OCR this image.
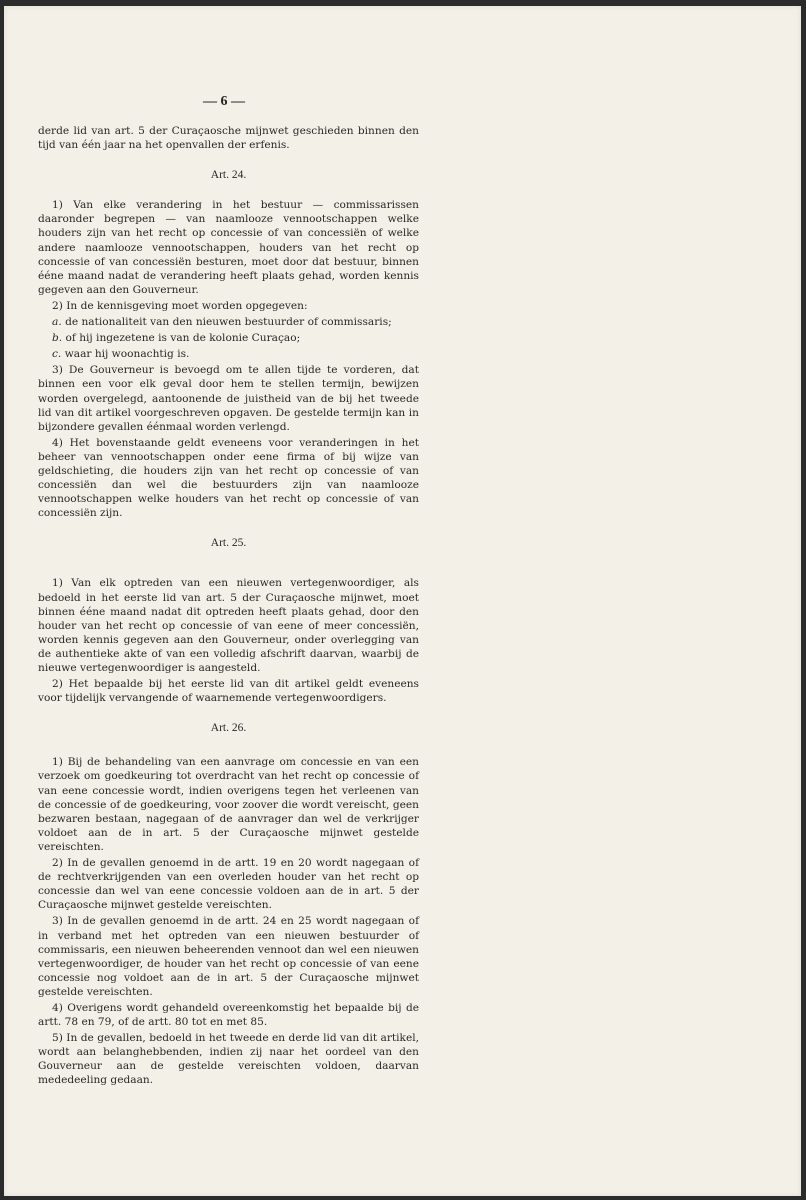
— 6 —

derde lid van art. 5 der Curaçaosche mijnwet geschieden binnen den tijd van één jaar na het openvallen der erfenis.

Art. 24.

1) Van elke verandering in het bestuur — commissarissen daaronder begrepen — van naamlooze vennootschappen welke houders zijn van het recht op concessie of van concessiën of welke andere naamlooze vennootschappen, houders van het recht op concessie of van concessiën besturen, moet door dat bestuur, binnen ééne maand nadat de verandering heeft plaats gehad, worden kennis gegeven aan den Gouverneur.

2) In de kennisgeving moet worden opgegeven:

a. de nationaliteit van den nieuwen bestuurder of commissaris;

b. of hij ingezetene is van de kolonie Curaçao;

c. waar hij woonachtig is.

3) De Gouverneur is bevoegd om te allen tijde te vorderen, dat binnen een voor elk geval door hem te stellen termijn, bewijzen worden overgelegd, aantoonende de juistheid van de bij het tweede lid van dit artikel voorgeschreven opgaven. De gestelde termijn kan in bijzondere gevallen éénmaal worden verlengd.

4) Het bovenstaande geldt eveneens voor veranderingen in het beheer van vennootschappen onder eene firma of bij wijze van geldschieting, die houders zijn van het recht op concessie of van concessiën dan wel die bestuurders zijn van naamlooze vennootschappen welke houders van het recht op concessie of van concessiën zijn.

Art. 25.

1) Van elk optreden van een nieuwen vertegenwoordiger, als bedoeld in het eerste lid van art. 5 der Curaçaosche mijnwet, moet binnen ééne maand nadat dit optreden heeft plaats gehad, door den houder van het recht op concessie of van eene of meer concessiën, worden kennis gegeven aan den Gouverneur, onder overlegging van de authentieke akte of van een volledig afschrift daarvan, waarbij de nieuwe vertegenwoordiger is aangesteld.

2) Het bepaalde bij het eerste lid van dit artikel geldt eveneens voor tijdelijk vervangende of waarnemende vertegenwoordigers.

Art. 26.

1) Bij de behandeling van een aanvrage om concessie en van een verzoek om goedkeuring tot overdracht van het recht op concessie of van eene concessie wordt, indien overigens tegen het verleenen van de concessie of de goedkeuring, voor zoover die wordt vereischt, geen bezwaren bestaan, nagegaan of de aanvrager dan wel de verkrijger voldoet aan de in art. 5 der Curaçaosche mijnwet gestelde vereischten.

2) In de gevallen genoemd in de artt. 19 en 20 wordt nagegaan of de rechtverkrijgenden van een overleden houder van het recht op concessie dan wel van eene concessie voldoen aan de in art. 5 der Curaçaosche mijnwet gestelde vereischten.

3) In de gevallen genoemd in de artt. 24 en 25 wordt nagegaan of in verband met het optreden van een nieuwen bestuurder of commissaris, een nieuwen beheerenden vennoot dan wel een nieuwen vertegenwoordiger, de houder van het recht op concessie of van eene concessie nog voldoet aan de in art. 5 der Curaçaosche mijnwet gestelde vereischten.

4) Overigens wordt gehandeld overeenkomstig het bepaalde bij de artt. 78 en 79, of de artt. 80 tot en met 85.

5) In de gevallen, bedoeld in het tweede en derde lid van dit artikel, wordt aan belanghebbenden, indien zij naar het oordeel van den Gouverneur aan de gestelde vereischten voldoen, daarvan mededeeling gedaan.
